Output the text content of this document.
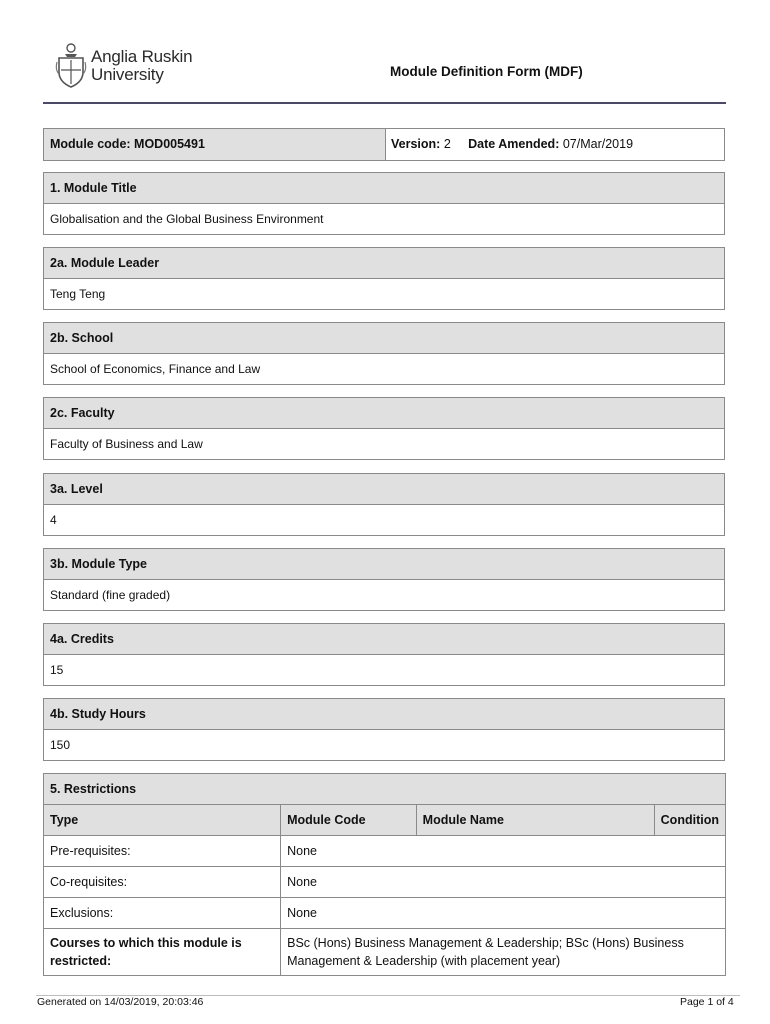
Anglia Ruskin
University	Module Definition Form (MDF)
Module code: MOD005491	Version: 2 Date Amended: 07/Mar/2019
1. Module Title
Globalisation and the Global Business Environment
2a. Module Leader
Teng Teng
2b. School
School of Economics, Finance and Law
2c. Faculty
Faculty of Business and Law
3a. Level
4
3b. Module Type
Standard (fine graded)
4a. Credits
15
4b. Study Hours
150
5. Restrictions			
Type	Module Code	Module Name	Condition
Pre-requisites:	None		
Co-requisites:	None		
Exclusions:	None		
Courses to which this module is restricted:	BSc (Hons) Business Management & Leadership; BSc (Hons) Business Management & Leadership (with placement year)		
Generated on 14/03/2019, 20:03:46	Page 1 of 4
